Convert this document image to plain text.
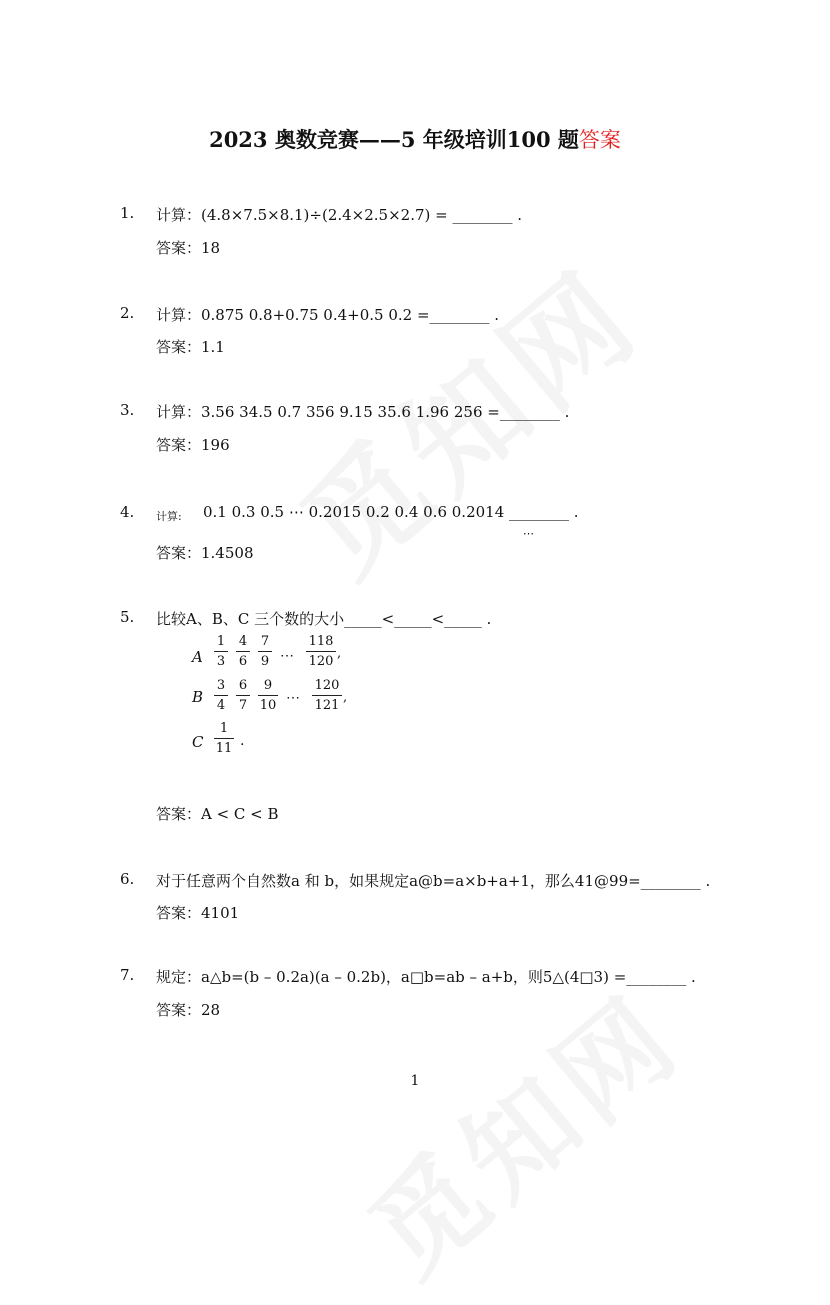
2023 奥数竞赛——5 年级培训100 题答案
1. 计算：(4.8×7.5×8.1)÷(2.4×2.5×2.7) = ________ .
答案：18
2. 计算：0.875 0.8+0.75 0.4+0.5 0.2 =________ .
答案：1.1
3. 计算：3.56 34.5 0.7 356 9.15 35.6 1.96 256 =________ .
答案：196
4. 计算: 0.1 0.3 0.5 ⋯ 0.2015 0.2 0.4 0.6 0.2014 ________ .
⋯
答案：1.4508
5. 比较A、B、C 三个数的大小_____<_____<_____ .
A
1
3
4
6
7
9 ⋯
118
120
,
B
3
4
6
7
9
10 ⋯
120
121
,
C
1
11 .
答案：A < C < B
6. 对于任意两个自然数a 和 b，如果规定a@b=a×b+a+1，那么41@99=________ .
答案：4101
7. 规定：a△b=(b – 0.2a)(a – 0.2b)，a□b=ab – a+b，则5△(4□3) =________ .
答案：28
1
